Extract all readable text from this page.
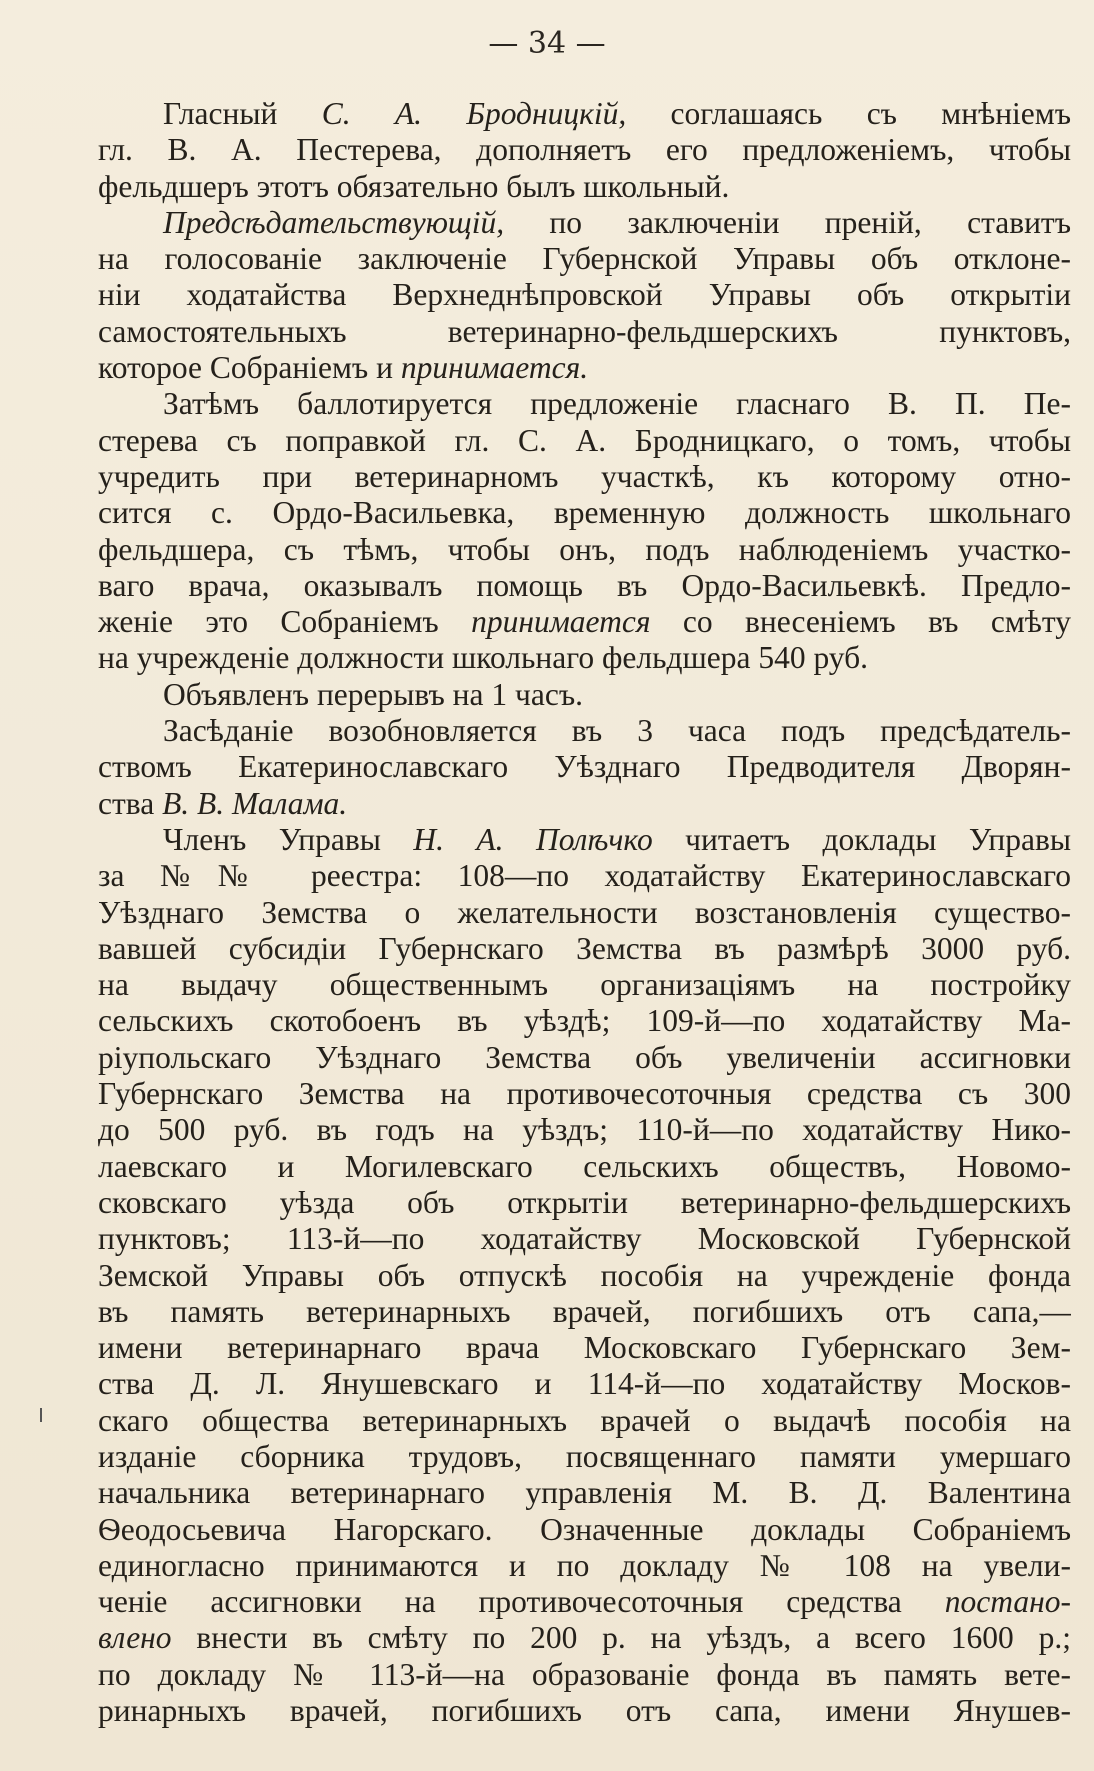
— 34 —
Гласный С. А. Бродницкій, соглашаясь съ мнѣніемъ
гл. В. А. Пестерева, дополняетъ его предложеніемъ, чтобы
фельдшеръ этотъ обязательно былъ школьный.
Предсѣдательствующій, по заключеніи преній, ставитъ
на голосованіе заключеніе Губернской Управы объ отклоне-
ніи ходатайства Верхнеднѣпровской Управы объ открытіи
самостоятельныхъ ветеринарно-фельдшерскихъ пунктовъ,
которое Собраніемъ и принимается.
Затѣмъ баллотируется предложеніе гласнаго В. П. Пе-
стерева съ поправкой гл. С. А. Бродницкаго, о томъ, чтобы
учредить при ветеринарномъ участкѣ, къ которому отно-
сится с. Ордо-Васильевка, временную должность школьнаго
фельдшера, съ тѣмъ, чтобы онъ, подъ наблюденіемъ участко-
ваго врача, оказывалъ помощь въ Ордо-Васильевкѣ. Предло-
женіе это Собраніемъ принимается со внесеніемъ въ смѣту
на учрежденіе должности школьнаго фельдшера 540 руб.
Объявленъ перерывъ на 1 часъ.
Засѣданіе возобновляется въ 3 часа подъ предсѣдатель-
ствомъ Екатеринославскаго Уѣзднаго Предводителя Дворян-
ства В. В. Малама.
Членъ Управы Н. А. Полѣчко читаетъ доклады Управы
за №№ реестра: 108—по ходатайству Екатеринославскаго
Уѣзднаго Земства о желательности возстановленія существо-
вавшей субсидіи Губернскаго Земства въ размѣрѣ 3000 руб.
на выдачу общественнымъ организаціямъ на постройку
сельскихъ скотобоенъ въ уѣздѣ; 109-й—по ходатайству Ма-
ріупольскаго Уѣзднаго Земства объ увеличеніи ассигновки
Губернскаго Земства на противочесоточныя средства съ 300
до 500 руб. въ годъ на уѣздъ; 110-й—по ходатайству Нико-
лаевскаго и Могилевскаго сельскихъ обществъ, Новомо-
сковскаго уѣзда объ открытіи ветеринарно-фельдшерскихъ
пунктовъ; 113-й—по ходатайству Московской Губернской
Земской Управы объ отпускѣ пособія на учрежденіе фонда
въ память ветеринарныхъ врачей, погибшихъ отъ сапа,—
имени ветеринарнаго врача Московскаго Губернскаго Зем-
ства Д. Л. Янушевскаго и 114-й—по ходатайству Москов-
скаго общества ветеринарныхъ врачей о выдачѣ пособія на
изданіе сборника трудовъ, посвященнаго памяти умершаго
начальника ветеринарнаго управленія М. В. Д. Валентина
Ѳеодосьевича Нагорскаго. Означенные доклады Собраніемъ
единогласно принимаются и по докладу № 108 на увели-
ченіе ассигновки на противочесоточныя средства постано-
влено внести въ смѣту по 200 р. на уѣздъ, а всего 1600 р.;
по докладу № 113-й—на образованіе фонда въ память вете-
ринарныхъ врачей, погибшихъ отъ сапа, имени Янушев-
